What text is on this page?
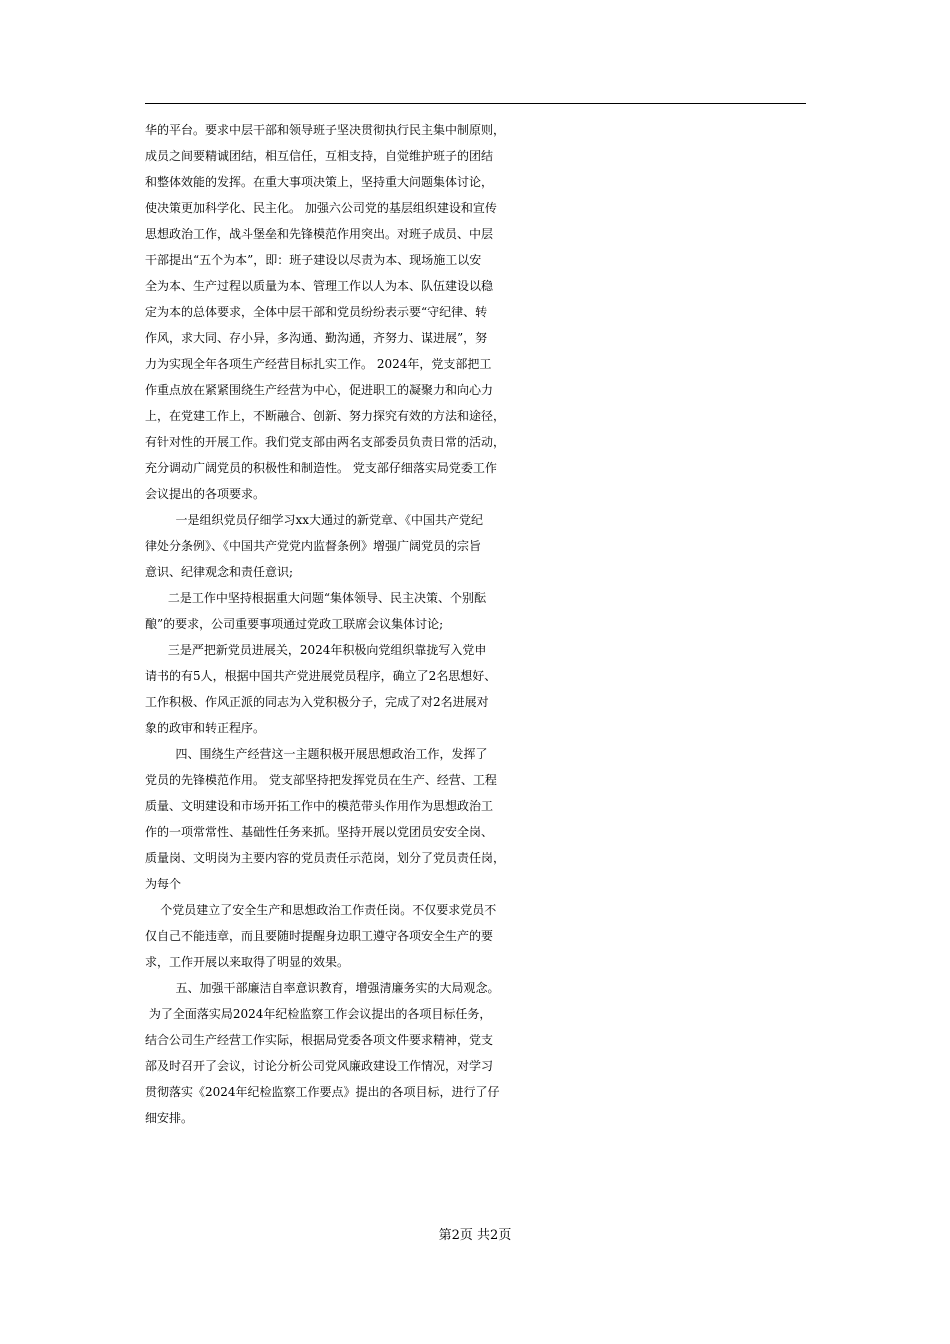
华的平台。要求中层干部和领导班子坚决贯彻执行民主集中制原则，
成员之间要精诚团结，相互信任，互相支持，自觉维护班子的团结
和整体效能的发挥。在重大事项决策上，坚持重大问题集体讨论，
使决策更加科学化、民主化。 加强六公司党的基层组织建设和宣传
思想政治工作，战斗堡垒和先锋模范作用突出。对班子成员、中层
干部提出“五个为本”，即：班子建设以尽责为本、现场施工以安
全为本、生产过程以质量为本、管理工作以人为本、队伍建设以稳
定为本的总体要求，全体中层干部和党员纷纷表示要“守纪律、转
作风，求大同、存小异，多沟通、勤沟通，齐努力、谋进展”，努
力为实现全年各项生产经营目标扎实工作。 2024年，党支部把工
作重点放在紧紧围绕生产经营为中心，促进职工的凝聚力和向心力
上，在党建工作上，不断融合、创新、努力探究有效的方法和途径，
有针对性的开展工作。我们党支部由两名支部委员负责日常的活动，
充分调动广阔党员的积极性和制造性。 党支部仔细落实局党委工作
会议提出的各项要求。
一是组织党员仔细学习xx大通过的新党章、《中国共产党纪
律处分条例》、《中国共产党党内监督条例》增强广阔党员的宗旨
意识、纪律观念和责任意识;
二是工作中坚持根据重大问题“集体领导、民主决策、个别酝
酿”的要求，公司重要事项通过党政工联席会议集体讨论;
三是严把新党员进展关，2024年积极向党组织靠拢写入党申
请书的有5人，根据中国共产党进展党员程序，确立了2名思想好、
工作积极、作风正派的同志为入党积极分子，完成了对2名进展对
象的政审和转正程序。
四、围绕生产经营这一主题积极开展思想政治工作，发挥了
党员的先锋模范作用。 党支部坚持把发挥党员在生产、经营、工程
质量、文明建设和市场开拓工作中的模范带头作用作为思想政治工
作的一项常常性、基础性任务来抓。坚持开展以党团员安安全岗、
质量岗、文明岗为主要内容的党员责任示范岗，划分了党员责任岗，
为每个
个党员建立了安全生产和思想政治工作责任岗。不仅要求党员不
仅自己不能违章，而且要随时提醒身边职工遵守各项安全生产的要
求，工作开展以来取得了明显的效果。
五、加强干部廉洁自率意识教育，增强清廉务实的大局观念。
为了全面落实局2024年纪检监察工作会议提出的各项目标任务，
结合公司生产经营工作实际，根据局党委各项文件要求精神，党支
部及时召开了会议，讨论分析公司党风廉政建设工作情况，对学习
贯彻落实《2024年纪检监察工作要点》提出的各项目标，进行了仔
细安排。
第2页 共2页
